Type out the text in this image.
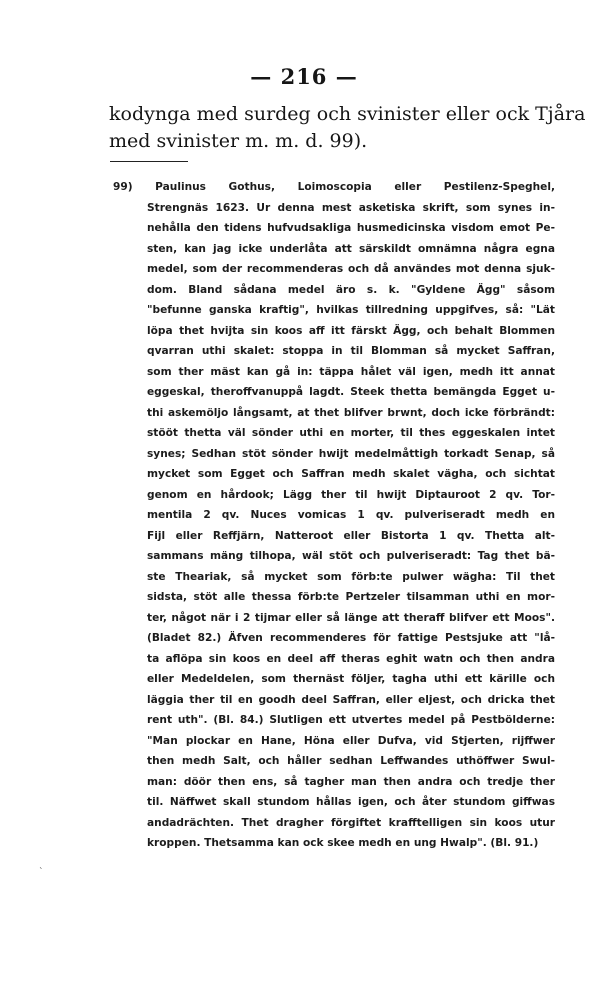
— 216 —
kodynga med surdeg och svinister eller ock Tjåra
med svinister m. m. d. 99).
99) Paulinus Gothus, Loimoscopia eller Pestilenz-Speghel,
Strengnäs 1623. Ur denna mest asketiska skrift, som synes in-
nehålla den tidens hufvudsakliga husmedicinska visdom emot Pe-
sten, kan jag icke underlåta att särskildt omnämna några egna
medel, som der recommenderas och då användes mot denna sjuk-
dom. Bland sådana medel äro s. k. "Gyldene Ägg" såsom
"befunne ganska kraftig", hvilkas tillredning uppgifves, så: "Lät
löpa thet hvijta sin koos aff itt färskt Ägg, och behalt Blommen
qvarran uthi skalet: stoppa in til Blomman så mycket Saffran,
som ther mäst kan gå in: täppa hålet väl igen, medh itt annat
eggeskal, theroffvanuppå lagdt. Steek thetta bemängda Egget u-
thi askemöljo långsamt, at thet blifver brwnt, doch icke förbrändt:
stööt thetta väl sönder uthi en morter, til thes eggeskalen intet
synes; Sedhan stöt sönder hwijt medelmåttigh torkadt Senap, så
mycket som Egget och Saffran medh skalet vägha, och sichtat
genom en hårdook; Lägg ther til hwijt Diptauroot 2 qv. Tor-
mentila 2 qv. Nuces vomicas 1 qv. pulveriseradt medh en
Fijl eller Reffjärn, Natteroot eller Bistorta 1 qv. Thetta alt-
sammans mäng tilhopa, wäl stöt och pulveriseradt: Tag thet bä-
ste Theariak, så mycket som förb:te pulwer wägha: Til thet
sidsta, stöt alle thessa förb:te Pertzeler tilsamman uthi en mor-
ter, något när i 2 tijmar eller så länge att theraff blifver ett Moos".
(Bladet 82.) Äfven recommenderes för fattige Pestsjuke att "lå-
ta aflöpa sin koos en deel aff theras eghit watn och then andra
eller Medeldelen, som thernäst följer, tagha uthi ett kärille och
läggia ther til en goodh deel Saffran, eller eljest, och dricka thet
rent uth". (Bl. 84.) Slutligen ett utvertes medel på Pestbölderne:
"Man plockar en Hane, Höna eller Dufva, vid Stjerten, rijffwer
then medh Salt, och håller sedhan Leffwandes uthöffwer Swul-
man: döör then ens, så tagher man then andra och tredje ther
til. Näffwet skall stundom hållas igen, och åter stundom giffwas
andadrächten. Thet dragher förgiftet krafftelligen sin koos utur
kroppen. Thetsamma kan ock skee medh en ung Hwalp". (Bl. 91.)
`
